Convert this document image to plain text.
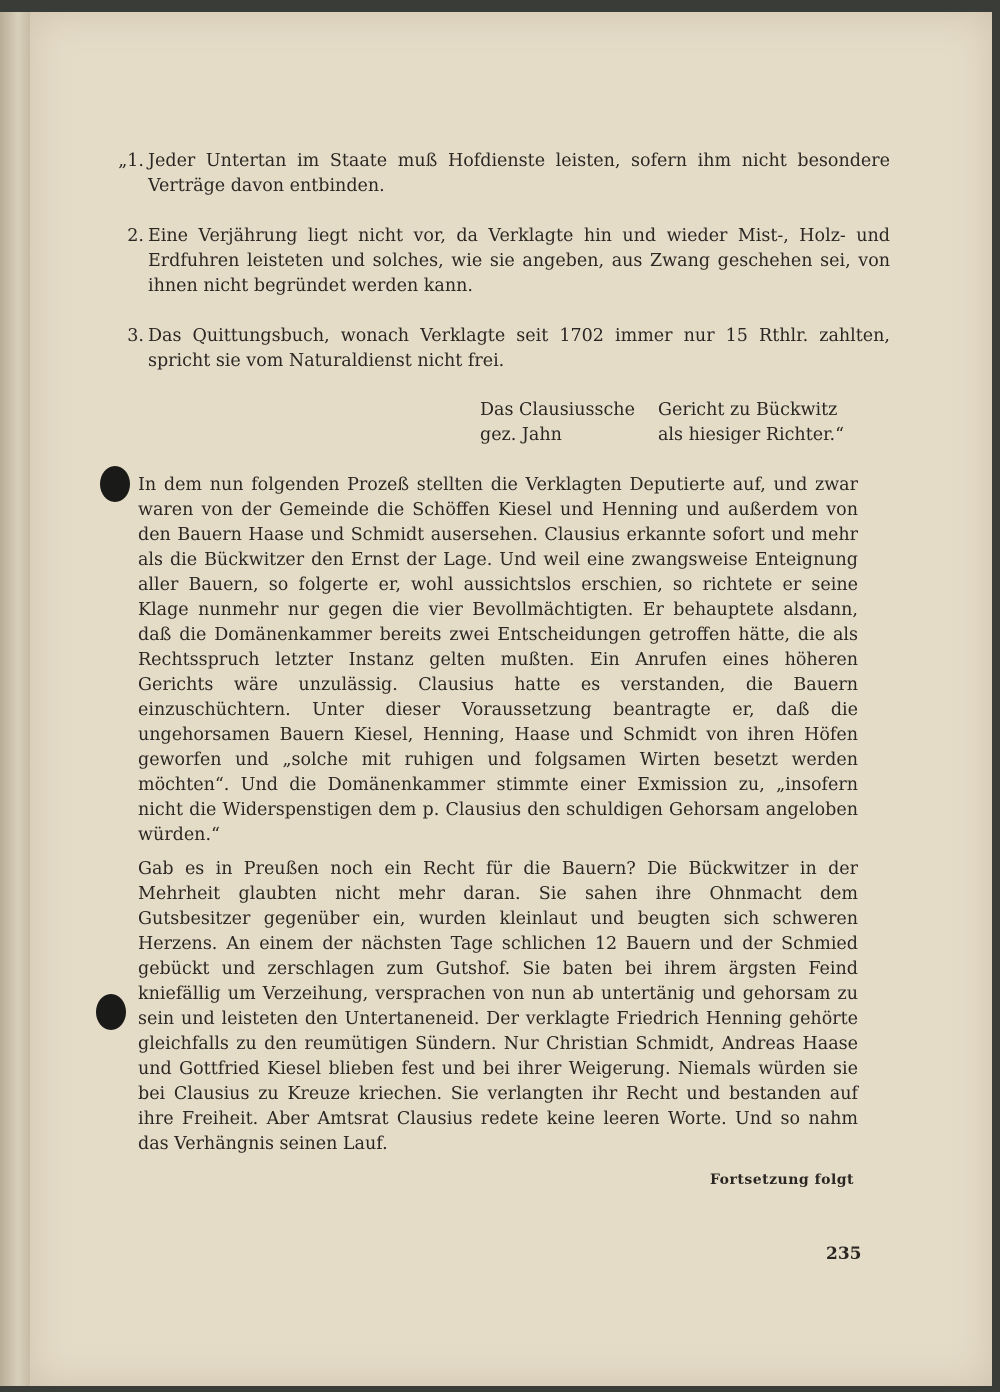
„1. Jeder Untertan im Staate muß Hofdienste leisten, sofern ihm nicht besondere Verträge davon entbinden.
2. Eine Verjährung liegt nicht vor, da Verklagte hin und wieder Mist-, Holz- und Erdfuhren leisteten und solches, wie sie angeben, aus Zwang geschehen sei, von ihnen nicht begründet werden kann.
3. Das Quittungsbuch, wonach Verklagte seit 1702 immer nur 15 Rthlr. zahlten, spricht sie vom Naturaldienst nicht frei.
Das Clausiussche Gericht zu Bückwitz
gez. Jahn	als hiesiger Richter.“
In dem nun folgenden Prozeß stellten die Verklagten Deputierte auf, und zwar waren von der Gemeinde die Schöffen Kiesel und Henning und außerdem von den Bauern Haase und Schmidt ausersehen. Clausius erkannte sofort und mehr als die Bückwitzer den Ernst der Lage. Und weil eine zwangsweise Enteignung aller Bauern, so folgerte er, wohl aussichtslos erschien, so richtete er seine Klage nunmehr nur gegen die vier Bevollmächtigten. Er behauptete alsdann, daß die Domänenkammer bereits zwei Entscheidungen getroffen hätte, die als Rechtsspruch letzter Instanz gelten mußten. Ein Anrufen eines höheren Gerichts wäre unzulässig. Clausius hatte es verstanden, die Bauern einzuschüchtern. Unter dieser Voraussetzung beantragte er, daß die ungehorsamen Bauern Kiesel, Henning, Haase und Schmidt von ihren Höfen geworfen und „solche mit ruhigen und folgsamen Wirten besetzt werden möchten“. Und die Domänenkammer stimmte einer Exmission zu, „insofern nicht die Widerspenstigen dem p. Clausius den schuldigen Gehorsam angeloben würden.“
Gab es in Preußen noch ein Recht für die Bauern? Die Bückwitzer in der Mehrheit glaubten nicht mehr daran. Sie sahen ihre Ohnmacht dem Gutsbesitzer gegenüber ein, wurden kleinlaut und beugten sich schweren Herzens. An einem der nächsten Tage schlichen 12 Bauern und der Schmied gebückt und zerschlagen zum Gutshof. Sie baten bei ihrem ärgsten Feind kniefällig um Verzeihung, versprachen von nun ab untertänig und gehorsam zu sein und leisteten den Untertaneneid. Der verklagte Friedrich Henning gehörte gleichfalls zu den reumütigen Sündern. Nur Christian Schmidt, Andreas Haase und Gottfried Kiesel blieben fest und bei ihrer Weigerung. Niemals würden sie bei Clausius zu Kreuze kriechen. Sie verlangten ihr Recht und bestanden auf ihre Freiheit. Aber Amtsrat Clausius redete keine leeren Worte. Und so nahm das Verhängnis seinen Lauf.
Fortsetzung folgt
235
